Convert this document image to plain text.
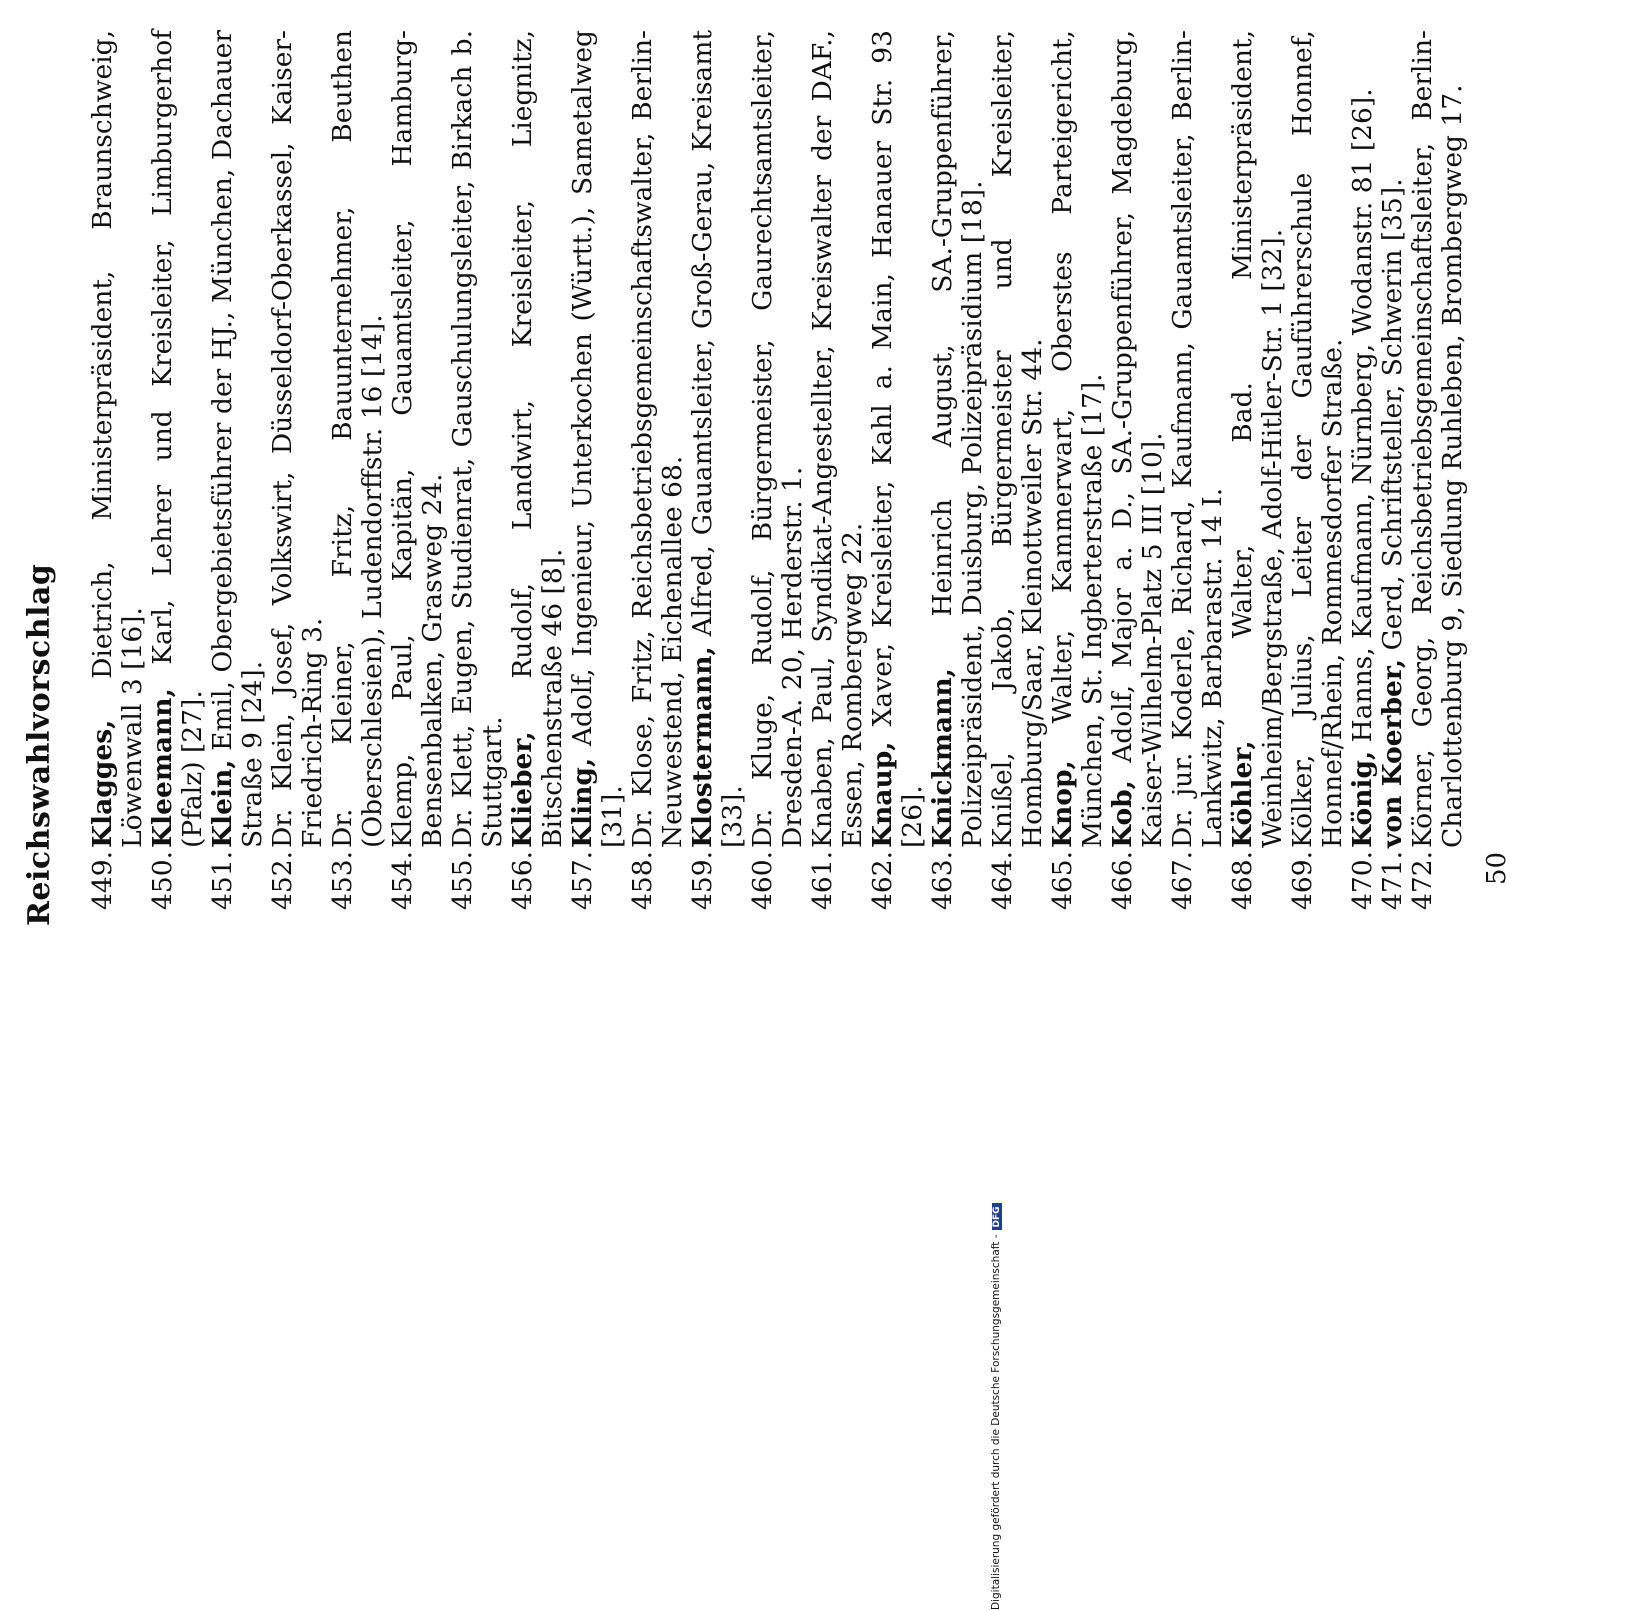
Reichswahlvorschlag 449.
Klagges, Dietrich, Ministerpräsident, Braunschweig, Löwenwall 3 [16].
450.
Kleemann, Karl, Lehrer und Kreisleiter, Limburgerhof (Pfalz) [27].
451.
Klein, Emil, Obergebietsführer der HJ., München, Dachauer Straße 9 [24].
452.
Dr. Klein, Josef, Volkswirt, Düsseldorf-Oberkassel, Kaiser-Friedrich-Ring 3.
453.
Dr. Kleiner, Fritz, Bauunternehmer, Beuthen (Oberschlesien), Ludendorffstr. 16 [14].
454.
Klemp, Paul, Kapitän, Gauamtsleiter, Hamburg-Bensenbalken, Grasweg 24.
455.
Dr. Klett, Eugen, Studienrat, Gauschulungsleiter, Birkach b. Stuttgart.
456.
Klieber, Rudolf, Landwirt, Kreisleiter, Liegnitz, Bitschenstraße 46 [8].
457.
Kling, Adolf, Ingenieur, Unterkochen (Württ.), Sametalweg [31].
458.
Dr. Klose, Fritz, Reichsbetriebsgemeinschaftswalter, Berlin-Neuwestend, Eichenallee 68.
459.
Klostermann, Alfred, Gauamtsleiter, Groß-Gerau, Kreisamt [33].
460.
Dr. Kluge, Rudolf, Bürgermeister, Gaurechtsamtsleiter, Dresden-A. 20, Herderstr. 1.
461.
Knaben, Paul, Syndikat-Angestellter, Kreiswalter der DAF., Essen, Rombergweg 22.
462.
Knaup, Xaver, Kreisleiter, Kahl a. Main, Hanauer Str. 93 [26].
463.
Knickmann, Heinrich August, SA.-Gruppenführer, Polizeipräsident, Duisburg, Polizeipräsidium [18].
464.
Knißel, Jakob, Bürgermeister und Kreisleiter, Homburg/Saar, Kleinottweiler Str. 44.
465.
Knop, Walter, Kammerwart, Oberstes Parteigericht, München, St. Ingberterstraße [17].
466.
Kob, Adolf, Major a. D., SA.-Gruppenführer, Magdeburg, Kaiser-Wilhelm-Platz 5 III [10].
467.
Dr. jur. Koderle, Richard, Kaufmann, Gauamtsleiter, Berlin-Lankwitz, Barbarastr. 14 I.
468.
Köhler, Walter, Bad. Ministerpräsident, Weinheim/Bergstraße, Adolf-Hitler-Str. 1 [32].
469.
Kölker, Julius, Leiter der Gauführerschule Honnef, Honnef/Rhein, Rommesdorfer Straße.
470.
König, Hanns, Kaufmann, Nürnberg, Wodanstr. 81 [26].
471.
von Koerber, Gerd, Schriftsteller, Schwerin [35].
472.
Körner, Georg, Reichsbetriebsgemeinschaftsleiter, Berlin-Charlottenburg 9, Siedlung Ruhleben, Brombergweg 17.
50
Digitalisierung gefördert durch die Deutsche Forschungsgemeinschaft -DFG
